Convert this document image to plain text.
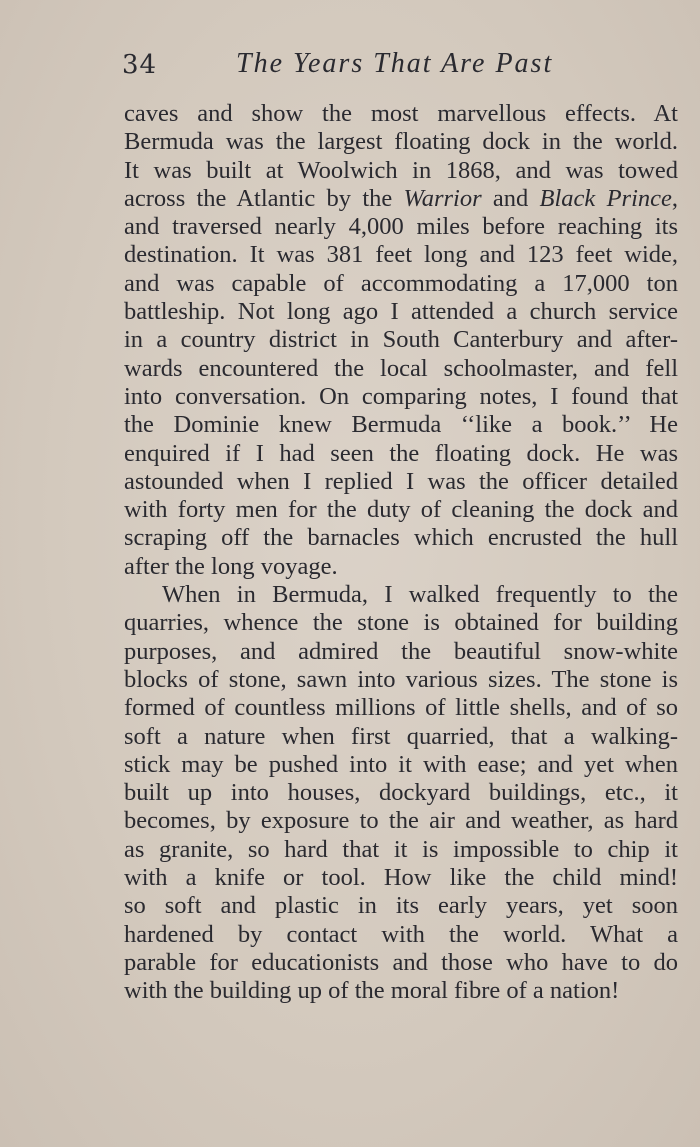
34	The Years That Are Past
caves and show the most marvellous effects. At
Bermuda was the largest floating dock in the world.
It was built at Woolwich in 1868, and was towed
across the Atlantic by the Warrior and Black Prince,
and traversed nearly 4,000 miles before reaching its
destination. It was 381 feet long and 123 feet wide,
and was capable of accommodating a 17,000 ton
battleship. Not long ago I attended a church service
in a country district in South Canterbury and after-
wards encountered the local schoolmaster, and fell
into conversation. On comparing notes, I found that
the Dominie knew Bermuda ‘‘like a book.’’ He
enquired if I had seen the floating dock. He was
astounded when I replied I was the officer detailed
with forty men for the duty of cleaning the dock and
scraping off the barnacles which encrusted the hull
after the long voyage.
When in Bermuda, I walked frequently to the
quarries, whence the stone is obtained for building
purposes, and admired the beautiful snow-white
blocks of stone, sawn into various sizes. The stone is
formed of countless millions of little shells, and of so
soft a nature when first quarried, that a walking-
stick may be pushed into it with ease; and yet when
built up into houses, dockyard buildings, etc., it
becomes, by exposure to the air and weather, as hard
as granite, so hard that it is impossible to chip it
with a knife or tool. How like the child mind!
so soft and plastic in its early years, yet soon
hardened by contact with the world. What a
parable for educationists and those who have to do
with the building up of the moral fibre of a nation!
